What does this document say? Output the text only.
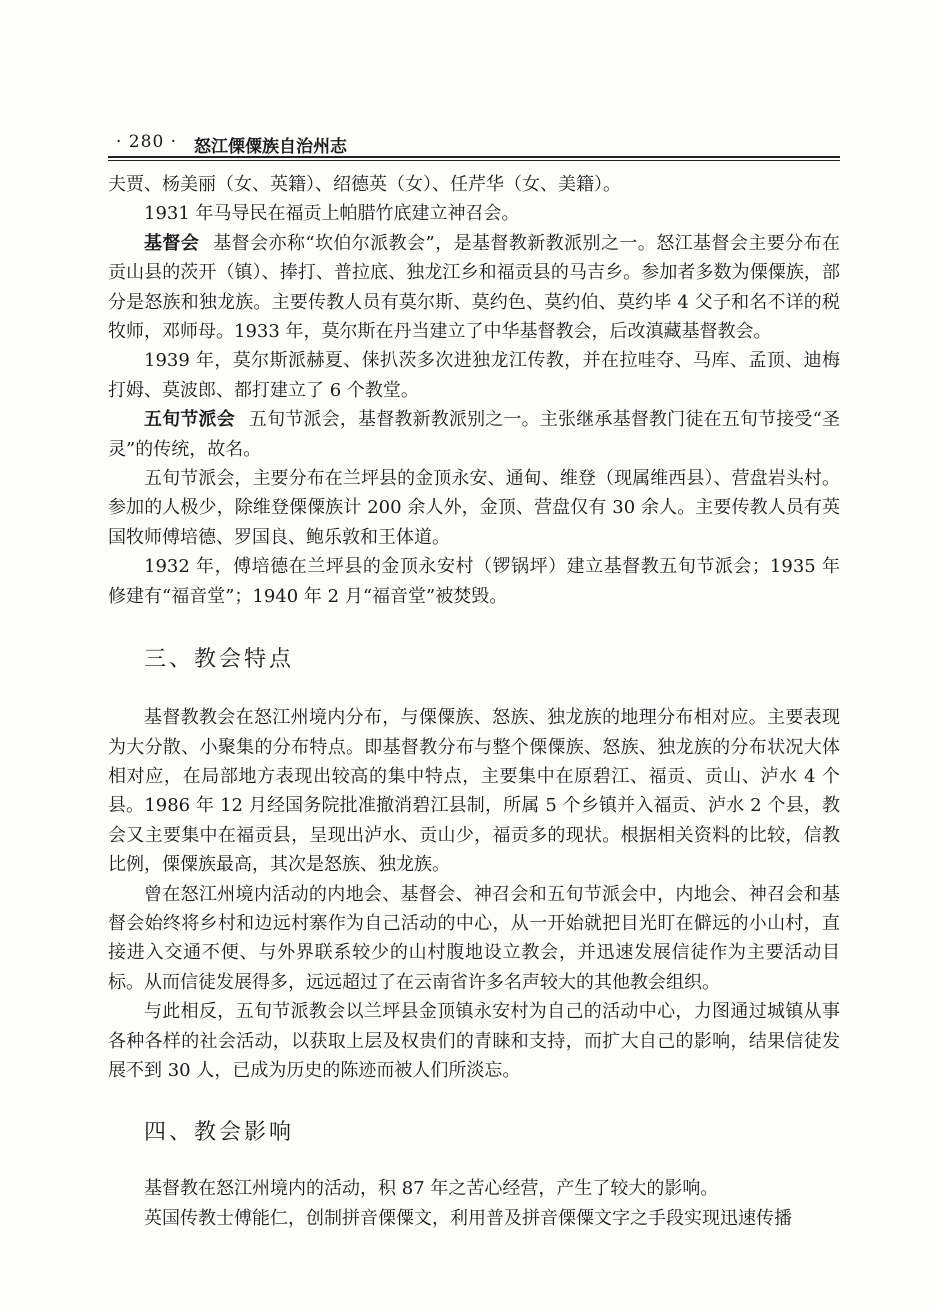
· 280 · 怒江傈僳族自治州志

夫贾、杨美丽（女、英籍）、绍德英（女）、任芹华（女、美籍）。

1931 年马导民在福贡上帕腊竹底建立神召会。

基督会 基督会亦称“坎伯尔派教会”，是基督教新教派别之一。怒江基督会主要分布在贡山县的茨开（镇）、捧打、普拉底、独龙江乡和福贡县的马吉乡。参加者多数为傈僳族，部分是怒族和独龙族。主要传教人员有莫尔斯、莫约色、莫约伯、莫约毕 4 父子和名不详的税牧师，邓师母。1933 年，莫尔斯在丹当建立了中华基督教会，后改滇藏基督教会。

1939 年，莫尔斯派赫夏、俫扒茨多次进独龙江传教，并在拉哇夺、马库、孟顶、迪梅打姆、莫波郎、都打建立了 6 个教堂。

五旬节派会 五旬节派会，基督教新教派别之一。主张继承基督教门徒在五旬节接受“圣灵”的传统，故名。

五旬节派会，主要分布在兰坪县的金顶永安、通甸、维登（现属维西县）、营盘岩头村。参加的人极少，除维登傈僳族计 200 余人外，金顶、营盘仅有 30 余人。主要传教人员有英国牧师傅培德、罗国良、鲍乐敦和王体道。

1932 年，傅培德在兰坪县的金顶永安村（锣锅坪）建立基督教五旬节派会；1935 年修建有“福音堂”；1940 年 2 月“福音堂”被焚毁。

三、教会特点

基督教教会在怒江州境内分布，与傈僳族、怒族、独龙族的地理分布相对应。主要表现为大分散、小聚集的分布特点。即基督教分布与整个傈僳族、怒族、独龙族的分布状况大体相对应，在局部地方表现出较高的集中特点，主要集中在原碧江、福贡、贡山、泸水 4 个县。1986 年 12 月经国务院批准撤消碧江县制，所属 5 个乡镇并入福贡、泸水 2 个县，教会又主要集中在福贡县，呈现出泸水、贡山少，福贡多的现状。根据相关资料的比较，信教比例，傈僳族最高，其次是怒族、独龙族。

曾在怒江州境内活动的内地会、基督会、神召会和五旬节派会中，内地会、神召会和基督会始终将乡村和边远村寨作为自己活动的中心，从一开始就把目光盯在僻远的小山村，直接进入交通不便、与外界联系较少的山村腹地设立教会，并迅速发展信徒作为主要活动目标。从而信徒发展得多，远远超过了在云南省许多名声较大的其他教会组织。

与此相反，五旬节派教会以兰坪县金顶镇永安村为自己的活动中心，力图通过城镇从事各种各样的社会活动，以获取上层及权贵们的青睐和支持，而扩大自己的影响，结果信徒发展不到 30 人，已成为历史的陈迹而被人们所淡忘。

四、教会影响

基督教在怒江州境内的活动，积 87 年之苦心经营，产生了较大的影响。

英国传教士傅能仁，创制拼音傈僳文，利用普及拼音傈僳文字之手段实现迅速传播
